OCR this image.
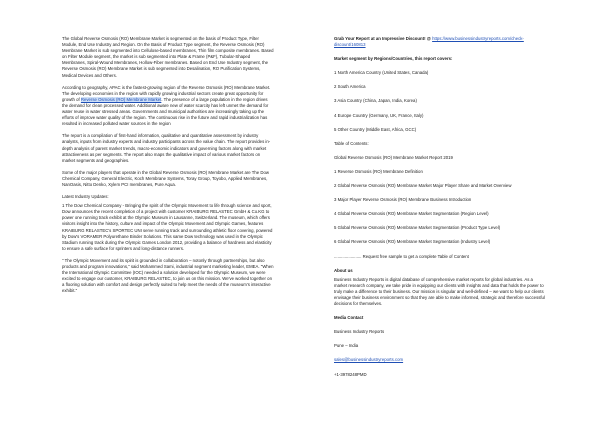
The Global Reverse Osmosis (RO) Membrane Market is segmented on the basis of Product Type, Filter Module, End Use Industry and Region. On the Basis of Product Type segment, the Reverse Osmosis (RO) Membrane Market is sub segmented into Cellulose-based membranes, Thin film composite membranes. Based on Filter Module segment, the market is sub segmented into Plate & Frame (P&F), Tubular-Shaped Membranes, Spiral-Wound Membranes, Hollow-Fiber membranes. Based on End Use Industry segment, the Reverse Osmosis (RO) Membrane Market is sub segmented into Desalination, RO Purification Systems, Medical Devices and Others.

According to geography, APAC is the fastest-growing region of the Reverse Osmosis (RO) Membrane Market. The developing economies in the region with rapidly growing industrial sectors create great opportunity for growth of Reverse Osmosis (RO) Membrane Market. The presence of a large population in the region drives the demand for clean processed water. Additional aware new of water scarcity has left unmet the demand for water reuse in water stressed areas. Governments and municipal authorities are increasingly taking up the efforts of improve water quality of the region. The continuous rise in the future and rapid industrialization has resulted in increased polluted water sources in the region

The report is a compilation of first-hand information, qualitative and quantitative assessment by industry analysts, inputs from industry experts and industry participants across the value chain. The report provides in-depth analysis of parent market trends, macro-economic indicators and governing factors along with market attractiveness as per segments. The report also maps the qualitative impact of various market factors on market segments and geographies.

Some of the major players that operate in the Global Reverse Osmosis (RO) Membrane Market are The Dow Chemical Company, General Electric, Koch Membrane Systems, Toray Group, Toyobo, Applied Membranes, NanOasis, Nitto Denko, Xylem PCI membranes, Pure Aqua.

Latest Industry Updates:

1 The Dow Chemical Company - Bringing the spirit of the Olympic Movement to life through science and sport, Dow announces the recent completion of a project with customer KRAIBURG RELASTEC GmbH & Co.KG to power one running track exhibit at the Olympic Museum in Lausanne, Switzerland. The museum, which offers visitors insight into the history, culture and impact of the Olympic Movement and Olympic Games, features KRAIBURG RELASTEC's SPORTEC UNI serve running track and surrounding athletic floor covering, powered by Dow's VORAMER Polyurethane Binder Solutions. This same Dow technology was used in the Olympic Stadium running track during the Olympic Games London 2012, providing a balance of hardness and elasticity to ensure a safe surface for sprinters and long-distance runners.

" The Olympic Movement and its spirit is grounded in collaboration – notonly through partnerships, but also products and program innovations," said Mohammed Sami, industrial segment marketing leader, EMEA. "When the International Olympic Committee (IOC) needed a solution developed for the Olympic Museum, we were excited to engage our customer, KRAIBURG RELASTEC, to join us on this mission. We've worked together on a flooring solution with comfort and design perfectly suited to help meet the needs of the museum's interactive exhibit."

Grab Your Report at an Impressive Discount! @ https://www.businessindustryreports.com/check-discount/160813

Market segment by Regions/Countries, this report covers:

1 North America Country (United States, Canada)

2 South America

3 Asia Country (China, Japan, India, Korea)

4 Europe Country (Germany, UK, France, Italy)

5 Other Country (Middle East, Africa, GCC)

Table of Contents:

Global Reverse Osmosis (RO) Membrane Market Report 2019

1 Reverse Osmosis (RO) Membrane Definition

2 Global Reverse Osmosis (RO) Membrane Market Major Player Share and Market Overview

3 Major Player Reverse Osmosis (RO) Membrane Business Introduction

4 Global Reverse Osmosis (RO) Membrane Market Segmentation (Region Level)

5 Global Reverse Osmosis (RO) Membrane Market Segmentation (Product Type Level)

6 Global Reverse Osmosis (RO) Membrane Market Segmentation (Industry Level)

....................... Request free sample to get a complete Table of Content

About us

Business Industry Reports is digital database of comprehensive market reports for global industries. As a market research company, we take pride in equipping our clients with insights and data that holds the power to truly make a difference to their business. Our mission is singular and well-defined – we want to help our clients envisage their business environment so that they are able to make informed, strategic and therefore successful decisions for themselves.

Media Contact

Business Industry Reports

Pune – India

sales@businessindustryreports.com

+1-3978248PMD
